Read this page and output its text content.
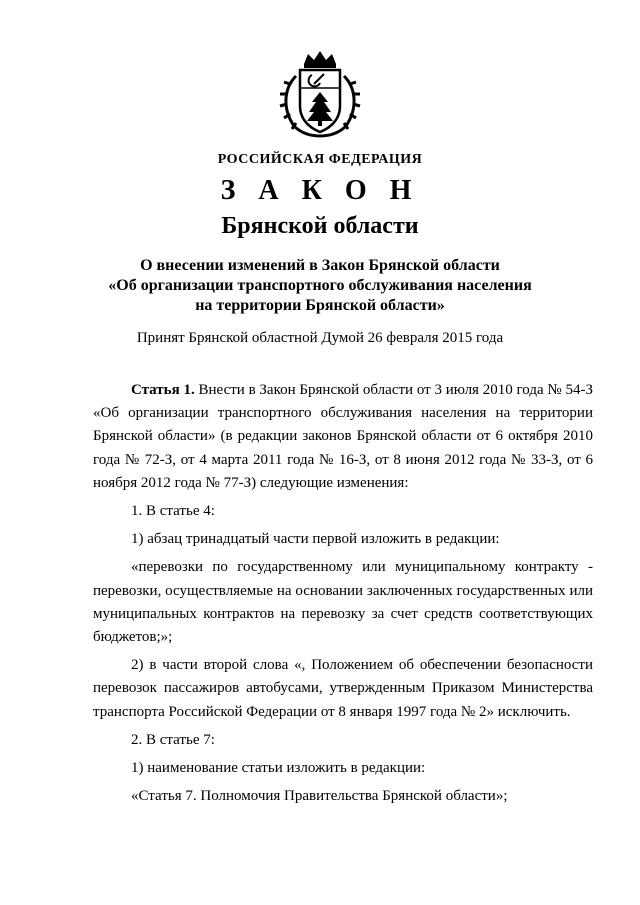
РОССИЙСКАЯ ФЕДЕРАЦИЯ
З А К О Н
Брянской области
О внесении изменений в Закон Брянской области
«Об организации транспортного обслуживания населения
на территории Брянской области»
Принят Брянской областной Думой 26 февраля 2015 года

Статья 1. Внести в Закон Брянской области от 3 июля 2010 года № 54-З «Об организации транспортного обслуживания населения на территории Брянской области» (в редакции законов Брянской области от 6 октября 2010 года № 72-З, от 4 марта 2011 года № 16-З, от 8 июня 2012 года № 33-З, от 6 ноября 2012 года № 77-З) следующие изменения:

1. В статье 4:

1) абзац тринадцатый части первой изложить в редакции:

«перевозки по государственному или муниципальному контракту - перевозки, осуществляемые на основании заключенных государственных или муниципальных контрактов на перевозку за счет средств соответствующих бюджетов;»;

2) в части второй слова «, Положением об обеспечении безопасности перевозок пассажиров автобусами, утвержденным Приказом Министерства транспорта Российской Федерации от 8 января 1997 года № 2» исключить.

2. В статье 7:

1) наименование статьи изложить в редакции:

«Статья 7. Полномочия Правительства Брянской области»;
